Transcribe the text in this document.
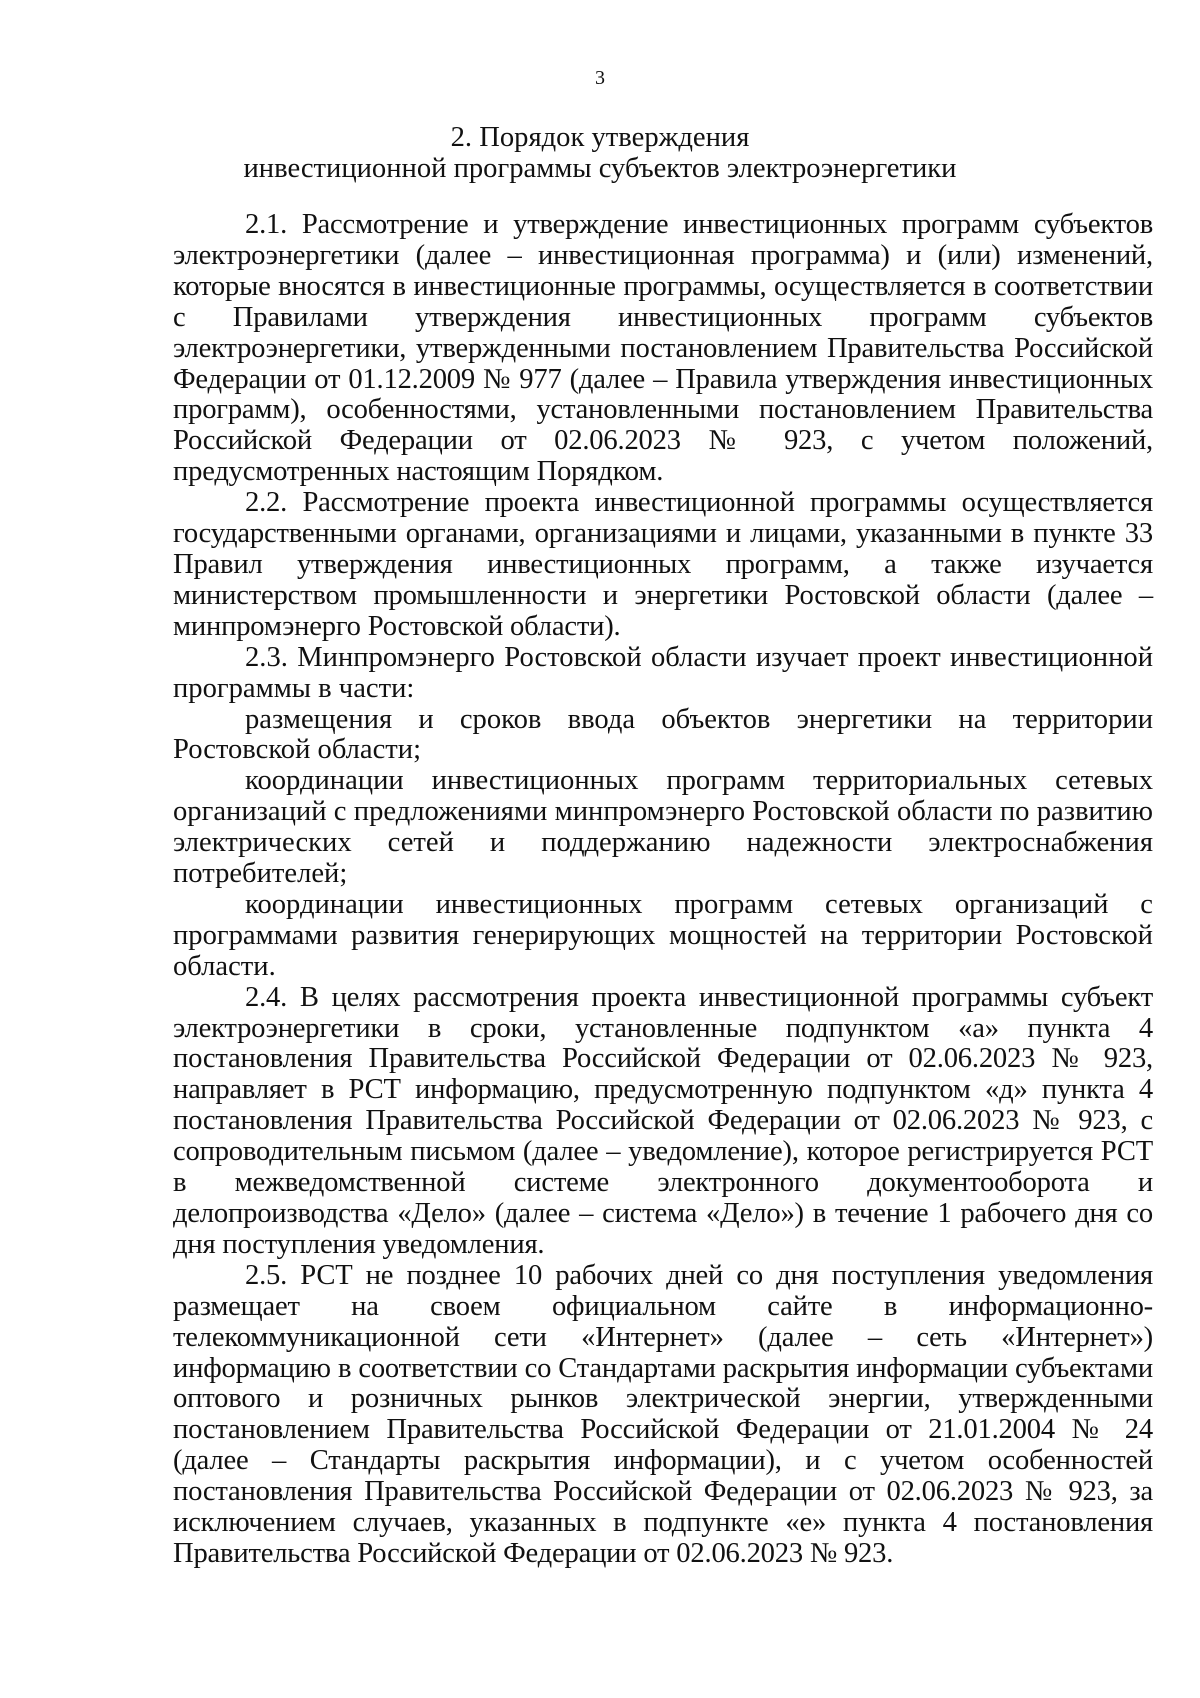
3
2. Порядок утверждения
инвестиционной программы субъектов электроэнергетики

2.1. Рассмотрение и утверждение инвестиционных программ субъектов электроэнергетики (далее – инвестиционная программа) и (или) изменений, которые вносятся в инвестиционные программы, осуществляется в соответствии с Правилами утверждения инвестиционных программ субъектов электроэнергетики, утвержденными постановлением Правительства Российской Федерации от 01.12.2009 № 977 (далее – Правила утверждения инвестиционных программ), особенностями, установленными постановлением Правительства Российской Федерации от 02.06.2023 № 923, с учетом положений, предусмотренных настоящим Порядком.

2.2. Рассмотрение проекта инвестиционной программы осуществляется государственными органами, организациями и лицами, указанными в пункте 33 Правил утверждения инвестиционных программ, а также изучается министерством промышленности и энергетики Ростовской области (далее – минпромэнерго Ростовской области).

2.3. Минпромэнерго Ростовской области изучает проект инвестиционной программы в части:

размещения и сроков ввода объектов энергетики на территории Ростовской области;

координации инвестиционных программ территориальных сетевых организаций с предложениями минпромэнерго Ростовской области по развитию электрических сетей и поддержанию надежности электроснабжения потребителей;

координации инвестиционных программ сетевых организаций с программами развития генерирующих мощностей на территории Ростовской области.

2.4. В целях рассмотрения проекта инвестиционной программы субъект электроэнергетики в сроки, установленные подпунктом «а» пункта 4 постановления Правительства Российской Федерации от 02.06.2023 № 923, направляет в РСТ информацию, предусмотренную подпунктом «д» пункта 4 постановления Правительства Российской Федерации от 02.06.2023 № 923, с сопроводительным письмом (далее – уведомление), которое регистрируется РСТ в межведомственной системе электронного документооборота и делопроизводства «Дело» (далее – система «Дело») в течение 1 рабочего дня со дня поступления уведомления.

2.5. РСТ не позднее 10 рабочих дней со дня поступления уведомления размещает на своем официальном сайте в информационно-телекоммуникационной сети «Интернет» (далее – сеть «Интернет») информацию в соответствии со Стандартами раскрытия информации субъектами оптового и розничных рынков электрической энергии, утвержденными постановлением Правительства Российской Федерации от 21.01.2004 № 24 (далее – Стандарты раскрытия информации), и с учетом особенностей постановления Правительства Российской Федерации от 02.06.2023 № 923, за исключением случаев, указанных в подпункте «е» пункта 4 постановления Правительства Российской Федерации от 02.06.2023 № 923.
